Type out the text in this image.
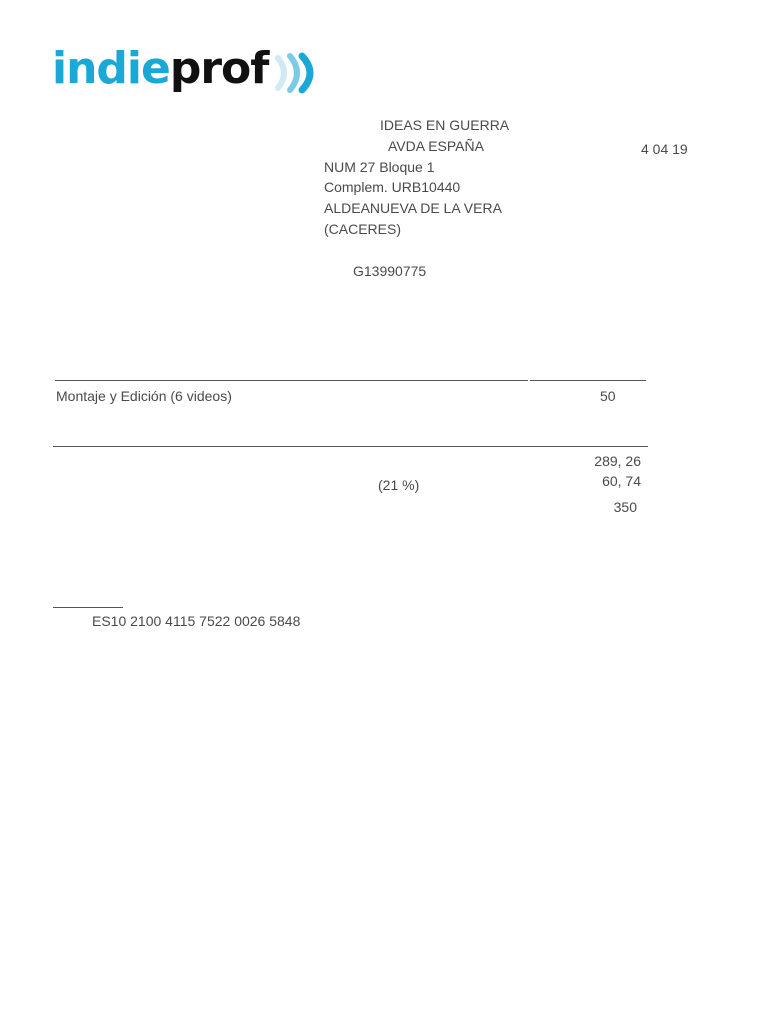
indieprof
IDEAS EN GUERRA
AVDA ESPAÑA	4 04 19
NUM 27 Bloque 1
Complem. URB10440
ALDEANUEVA DE LA VERA
(CACERES)
G13990775
Montaje y Edición (6 videos)	50
289, 26
(21 %)	60, 74
350
ES10 2100 4115 7522 0026 5848
